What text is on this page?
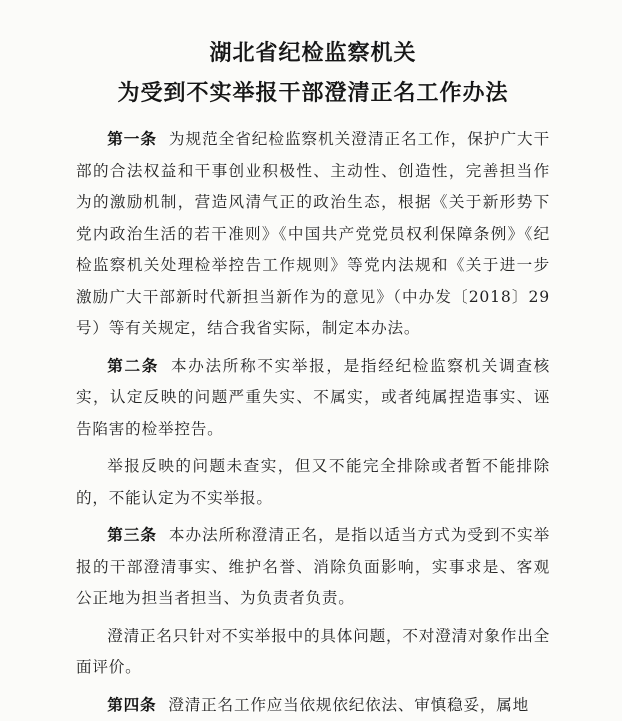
湖北省纪检监察机关
为受到不实举报干部澄清正名工作办法

第一条 为规范全省纪检监察机关澄清正名工作，保护广大干部的合法权益和干事创业积极性、主动性、创造性，完善担当作为的激励机制，营造风清气正的政治生态，根据《关于新形势下党内政治生活的若干准则》《中国共产党党员权利保障条例》《纪检监察机关处理检举控告工作规则》等党内法规和《关于进一步激励广大干部新时代新担当新作为的意见》（中办发〔2018〕29号）等有关规定，结合我省实际，制定本办法。

第二条 本办法所称不实举报，是指经纪检监察机关调查核实，认定反映的问题严重失实、不属实，或者纯属捏造事实、诬告陷害的检举控告。

举报反映的问题未查实，但又不能完全排除或者暂不能排除的，不能认定为不实举报。

第三条 本办法所称澄清正名，是指以适当方式为受到不实举报的干部澄清事实、维护名誉、消除负面影响，实事求是、客观公正地为担当者担当、为负责者负责。

澄清正名只针对不实举报中的具体问题，不对澄清对象作出全面评价。

第四条 澄清正名工作应当依规依纪依法、审慎稳妥，属地
